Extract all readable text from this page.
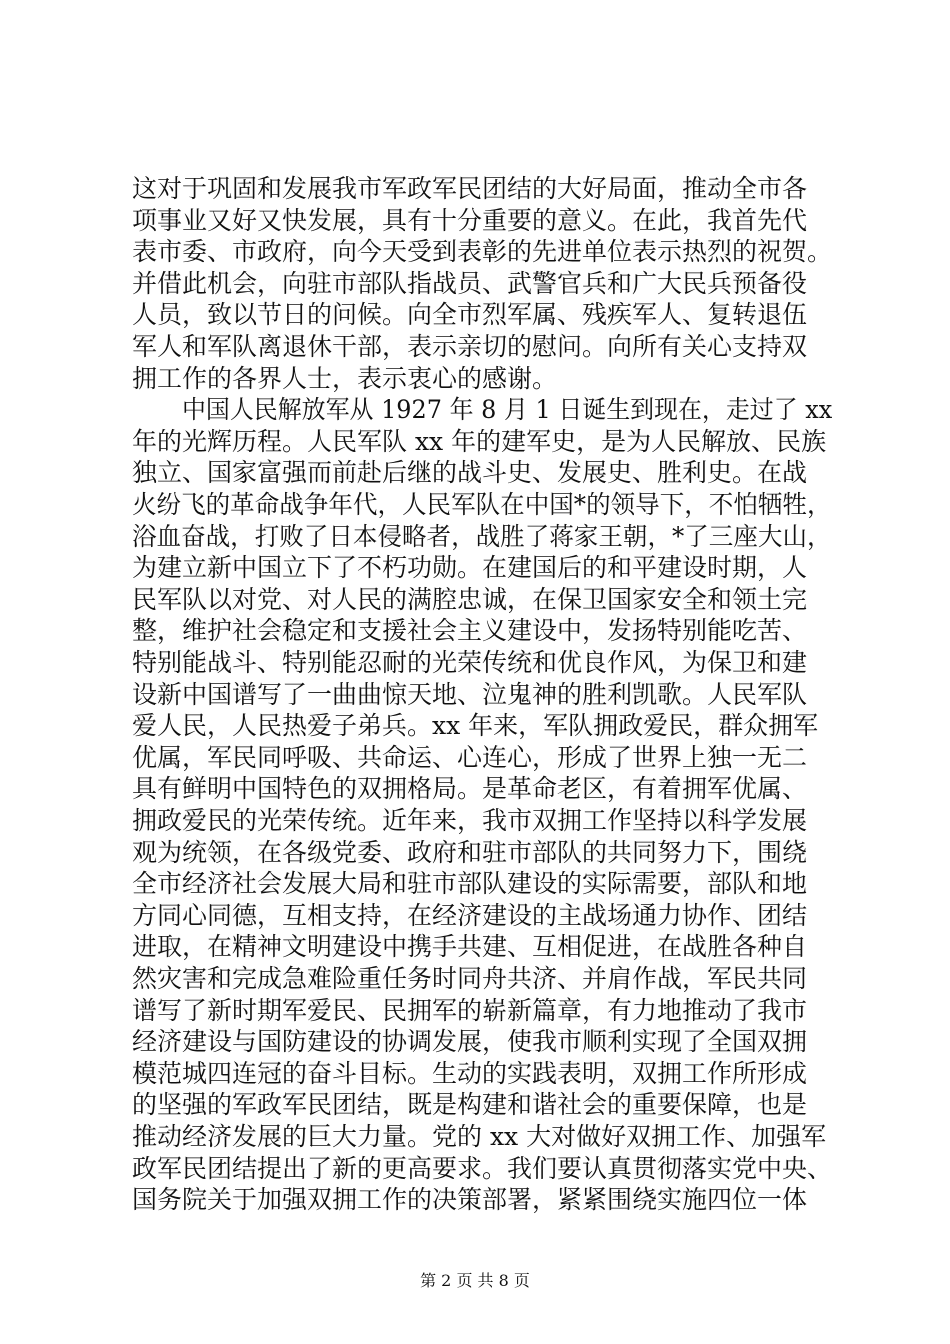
这对于巩固和发展我市军政军民团结的大好局面，推动全市各
项事业又好又快发展，具有十分重要的意义。在此，我首先代
表市委、市政府，向今天受到表彰的先进单位表示热烈的祝贺。
并借此机会，向驻市部队指战员、武警官兵和广大民兵预备役
人员，致以节日的问候。向全市烈军属、残疾军人、复转退伍
军人和军队离退休干部，表示亲切的慰问。向所有关心支持双
拥工作的各界人士，表示衷心的感谢。
中国人民解放军从 1927 年 8 月 1 日诞生到现在，走过了 xx
年的光辉历程。人民军队 xx 年的建军史，是为人民解放、民族
独立、国家富强而前赴后继的战斗史、发展史、胜利史。在战
火纷飞的革命战争年代，人民军队在中国*的领导下，不怕牺牲，
浴血奋战，打败了日本侵略者，战胜了蒋家王朝，*了三座大山，
为建立新中国立下了不朽功勋。在建国后的和平建设时期，人
民军队以对党、对人民的满腔忠诚，在保卫国家安全和领土完
整，维护社会稳定和支援社会主义建设中，发扬特别能吃苦、
特别能战斗、特别能忍耐的光荣传统和优良作风，为保卫和建
设新中国谱写了一曲曲惊天地、泣鬼神的胜利凯歌。人民军队
爱人民，人民热爱子弟兵。xx 年来，军队拥政爱民，群众拥军
优属，军民同呼吸、共命运、心连心，形成了世界上独一无二
具有鲜明中国特色的双拥格局。是革命老区，有着拥军优属、
拥政爱民的光荣传统。近年来，我市双拥工作坚持以科学发展
观为统领，在各级党委、政府和驻市部队的共同努力下，围绕
全市经济社会发展大局和驻市部队建设的实际需要，部队和地
方同心同德，互相支持，在经济建设的主战场通力协作、团结
进取，在精神文明建设中携手共建、互相促进，在战胜各种自
然灾害和完成急难险重任务时同舟共济、并肩作战，军民共同
谱写了新时期军爱民、民拥军的崭新篇章，有力地推动了我市
经济建设与国防建设的协调发展，使我市顺利实现了全国双拥
模范城四连冠的奋斗目标。生动的实践表明，双拥工作所形成
的坚强的军政军民团结，既是构建和谐社会的重要保障，也是
推动经济发展的巨大力量。党的 xx 大对做好双拥工作、加强军
政军民团结提出了新的更高要求。我们要认真贯彻落实党中央、
国务院关于加强双拥工作的决策部署，紧紧围绕实施四位一体
第 2 页 共 8 页
